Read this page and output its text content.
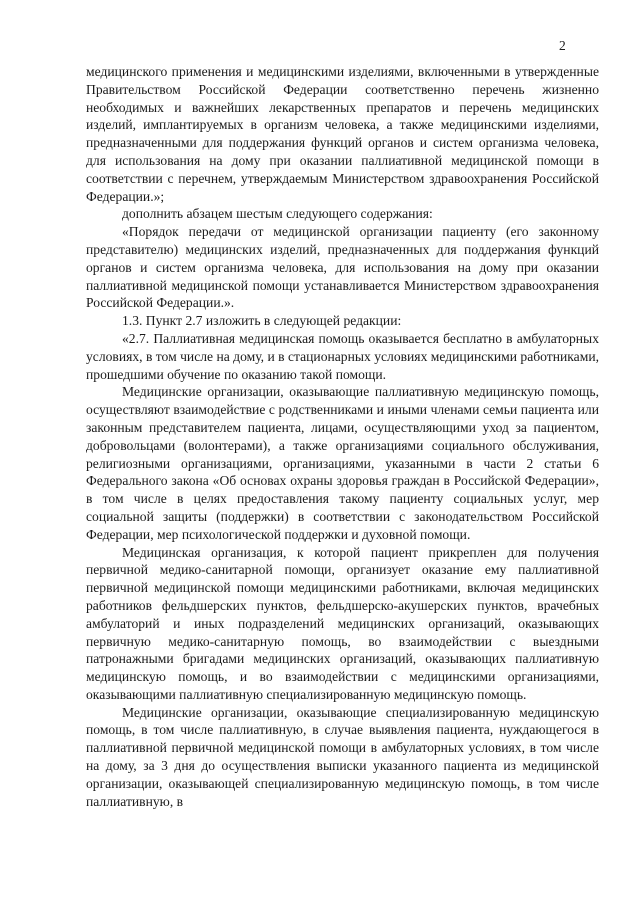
2

медицинского применения и медицинскими изделиями, включенными в утвержденные Правительством Российской Федерации соответственно перечень жизненно необходимых и важнейших лекарственных препаратов и перечень медицинских изделий, имплантируемых в организм человека, а также медицинскими изделиями, предназначенными для поддержания функций органов и систем организма человека, для использования на дому при оказании паллиативной медицинской помощи в соответствии с перечнем, утверждаемым Министерством здравоохранения Российской Федерации.»;

дополнить абзацем шестым следующего содержания:

«Порядок передачи от медицинской организации пациенту (его законному представителю) медицинских изделий, предназначенных для поддержания функций органов и систем организма человека, для использования на дому при оказании паллиативной медицинской помощи устанавливается Министерством здравоохранения Российской Федерации.».

1.3. Пункт 2.7 изложить в следующей редакции:

«2.7. Паллиативная медицинская помощь оказывается бесплатно в амбулаторных условиях, в том числе на дому, и в стационарных условиях медицинскими работниками, прошедшими обучение по оказанию такой помощи.

Медицинские организации, оказывающие паллиативную медицинскую помощь, осуществляют взаимодействие с родственниками и иными членами семьи пациента или законным представителем пациента, лицами, осуществляющими уход за пациентом, добровольцами (волонтерами), а также организациями социального обслуживания, религиозными организациями, организациями, указанными в части 2 статьи 6 Федерального закона «Об основах охраны здоровья граждан в Российской Федерации», в том числе в целях предоставления такому пациенту социальных услуг, мер социальной защиты (поддержки) в соответствии с законодательством Российской Федерации, мер психологической поддержки и духовной помощи.

Медицинская организация, к которой пациент прикреплен для получения первичной медико-санитарной помощи, организует оказание ему паллиативной первичной медицинской помощи медицинскими работниками, включая медицинских работников фельдшерских пунктов, фельдшерско-акушерских пунктов, врачебных амбулаторий и иных подразделений медицинских организаций, оказывающих первичную медико-санитарную помощь, во взаимодействии с выездными патронажными бригадами медицинских организаций, оказывающих паллиативную медицинскую помощь, и во взаимодействии с медицинскими организациями, оказывающими паллиативную специализированную медицинскую помощь.

Медицинские организации, оказывающие специализированную медицинскую помощь, в том числе паллиативную, в случае выявления пациента, нуждающегося в паллиативной первичной медицинской помощи в амбулаторных условиях, в том числе на дому, за 3 дня до осуществления выписки указанного пациента из медицинской организации, оказывающей специализированную медицинскую помощь, в том числе паллиативную, в
